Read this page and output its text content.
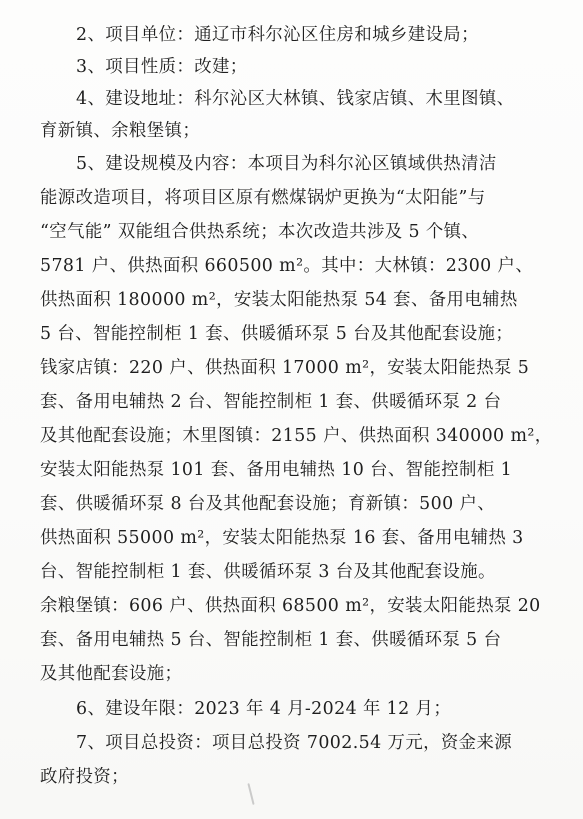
2、项目单位：通辽市科尔沁区住房和城乡建设局；
3、项目性质：改建；
4、建设地址：科尔沁区大林镇、钱家店镇、木里图镇、
育新镇、余粮堡镇；
5、建设规模及内容：本项目为科尔沁区镇域供热清洁
能源改造项目，将项目区原有燃煤锅炉更换为“太阳能”与
“空气能” 双能组合供热系统；本次改造共涉及 5 个镇、
5781 户、供热面积 660500 m²。其中：大林镇：2300 户、
供热面积 180000 m²，安装太阳能热泵 54 套、备用电辅热
5 台、智能控制柜 1 套、供暖循环泵 5 台及其他配套设施；
钱家店镇：220 户、供热面积 17000 m²，安装太阳能热泵 5
套、备用电辅热 2 台、智能控制柜 1 套、供暖循环泵 2 台
及其他配套设施；木里图镇：2155 户、供热面积 340000 m²，
安装太阳能热泵 101 套、备用电辅热 10 台、智能控制柜 1
套、供暖循环泵 8 台及其他配套设施；育新镇：500 户、
供热面积 55000 m²，安装太阳能热泵 16 套、备用电辅热 3
台、智能控制柜 1 套、供暖循环泵 3 台及其他配套设施。
余粮堡镇：606 户、供热面积 68500 m²，安装太阳能热泵 20
套、备用电辅热 5 台、智能控制柜 1 套、供暖循环泵 5 台
及其他配套设施；
6、建设年限：2023 年 4 月-2024 年 12 月；
7、项目总投资：项目总投资 7002.54 万元，资金来源
政府投资；
